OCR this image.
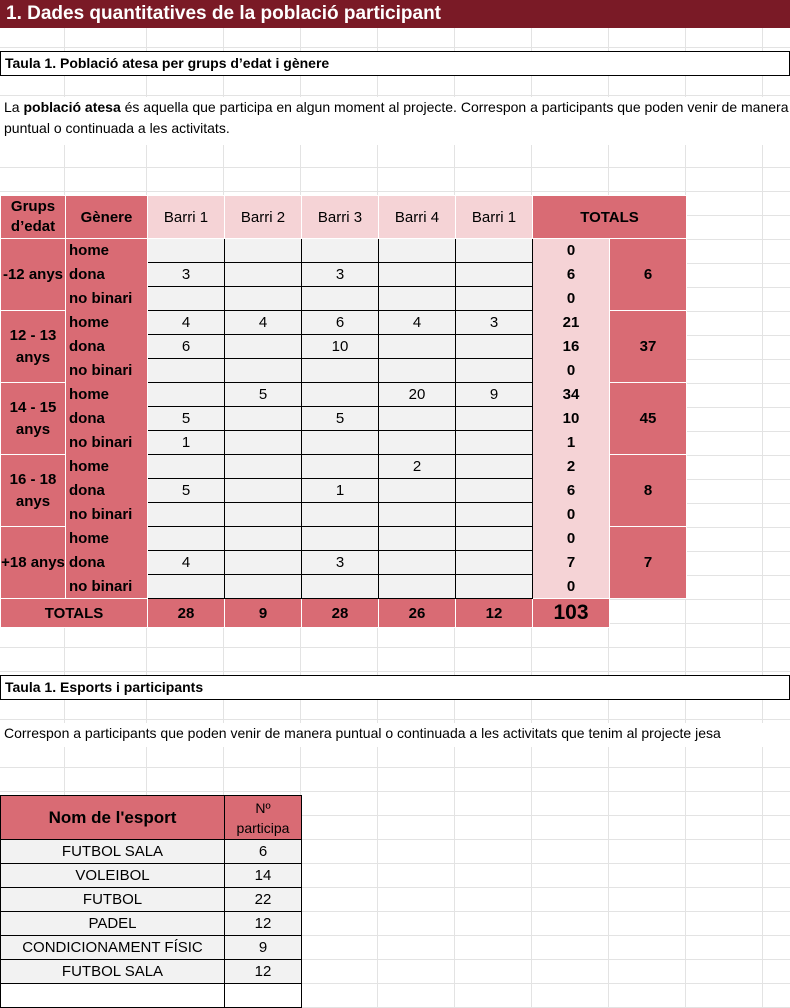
1. Dades quantitatives de la població participant
Taula 1. Població atesa per grups d’edat i gènere
La població atesa és aquella que participa en algun moment al projecte. Correspon a participants que poden venir de manera puntual o continuada a les activitats.
Grups d’edat	Gènere	Barri 1	Barri 2	Barri 3	Barri 4	Barri 1	TOTALS	
-12 anys	home						0	6
	dona	3		3			6	
	no binari						0	
12 - 13 anys	home	4	4	6	4	3	21	37
	dona	6		10			16	
	no binari						0	
14 - 15 anys	home		5		20	9	34	45
	dona	5		5			10	
	no binari	1					1	
16 - 18 anys	home				2		2	8
	dona	5		1			6	
	no binari						0	
+18 anys	home						0	7
	dona	4		3			7	
	no binari						0	
TOTALS		28	9	28	26	12	103	
Taula 1. Esports i participants
Correspon a participants que poden venir de manera puntual o continuada a les activitats que tenim al projecte jesa
Nom de l'esport	Nº
participa

FUTBOL SALA	6
VOLEIBOL	14
FUTBOL	22
PADEL	12
CONDICIONAMENT FÍSIC	9
FUTBOL SALA	12
